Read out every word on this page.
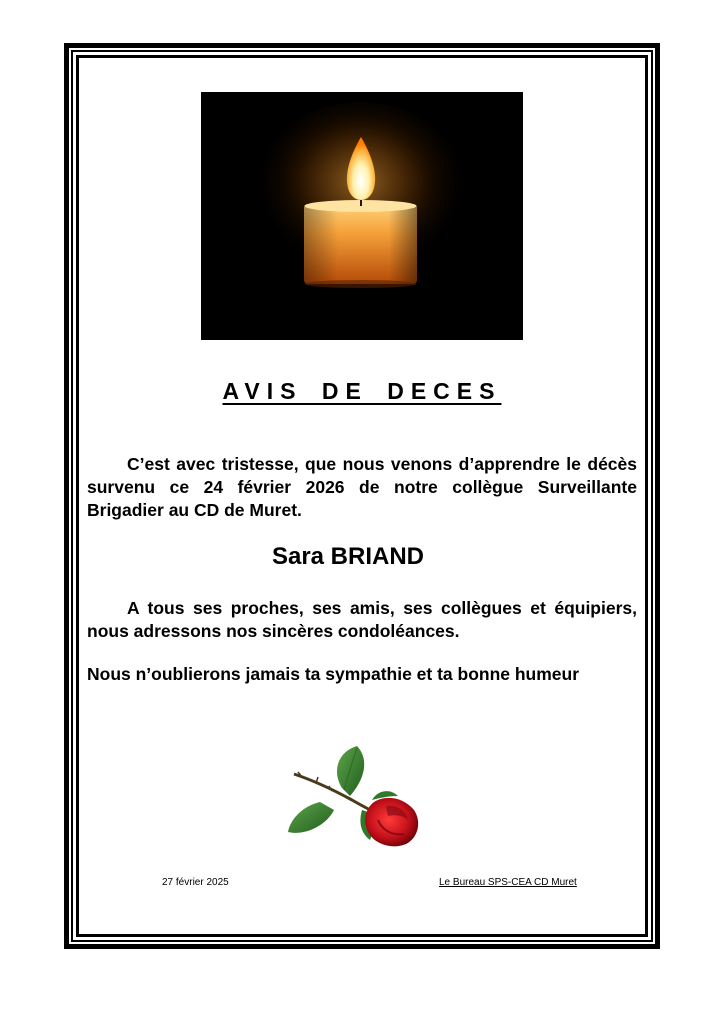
AVIS DE DECES

C’est avec tristesse, que nous venons d’apprendre le décès survenu ce 24 février 2026 de notre collègue Surveillante Brigadier au CD de Muret.

Sara BRIAND

A tous ses proches, ses amis, ses collègues et équipiers, nous adressons nos sincères condoléances.

Nous n’oublierons jamais ta sympathie et ta bonne humeur

27 février 2025	Le Bureau SPS-CEA CD Muret
